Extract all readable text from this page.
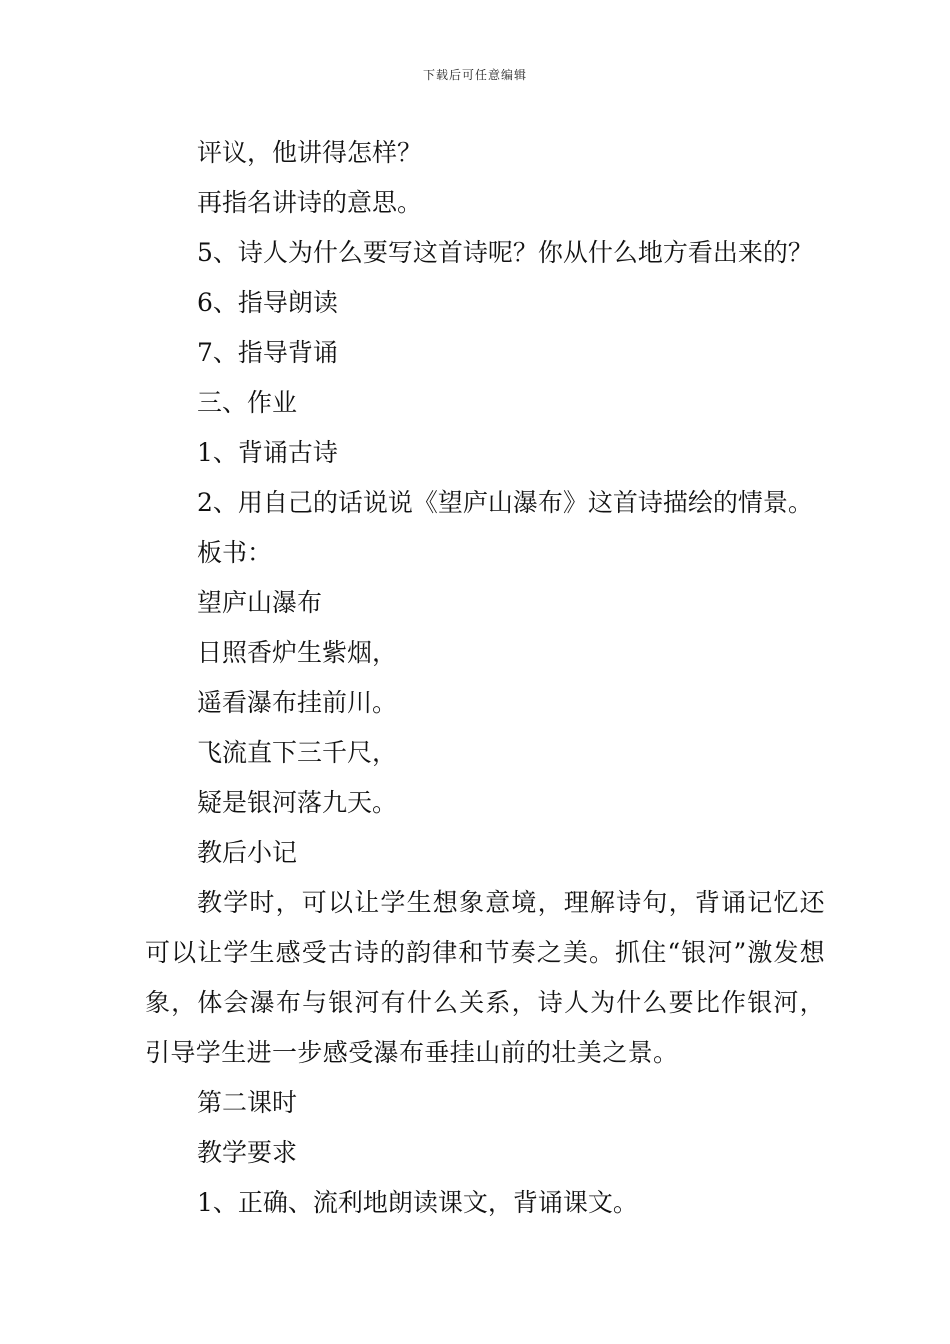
下载后可任意编辑
评议，他讲得怎样？
再指名讲诗的意思。
5、诗人为什么要写这首诗呢？你从什么地方看出来的？
6、指导朗读
7、指导背诵
三、作业
1、背诵古诗
2、用自己的话说说《望庐山瀑布》这首诗描绘的情景。
板书：
望庐山瀑布
日照香炉生紫烟，
遥看瀑布挂前川。
飞流直下三千尺，
疑是银河落九天。
教后小记
教学时，可以让学生想象意境，理解诗句，背诵记忆还可以让学生感受古诗的韵律和节奏之美。抓住“银河”激发想象，体会瀑布与银河有什么关系，诗人为什么要比作银河，引导学生进一步感受瀑布垂挂山前的壮美之景。
第二课时
教学要求
1、正确、流利地朗读课文，背诵课文。
